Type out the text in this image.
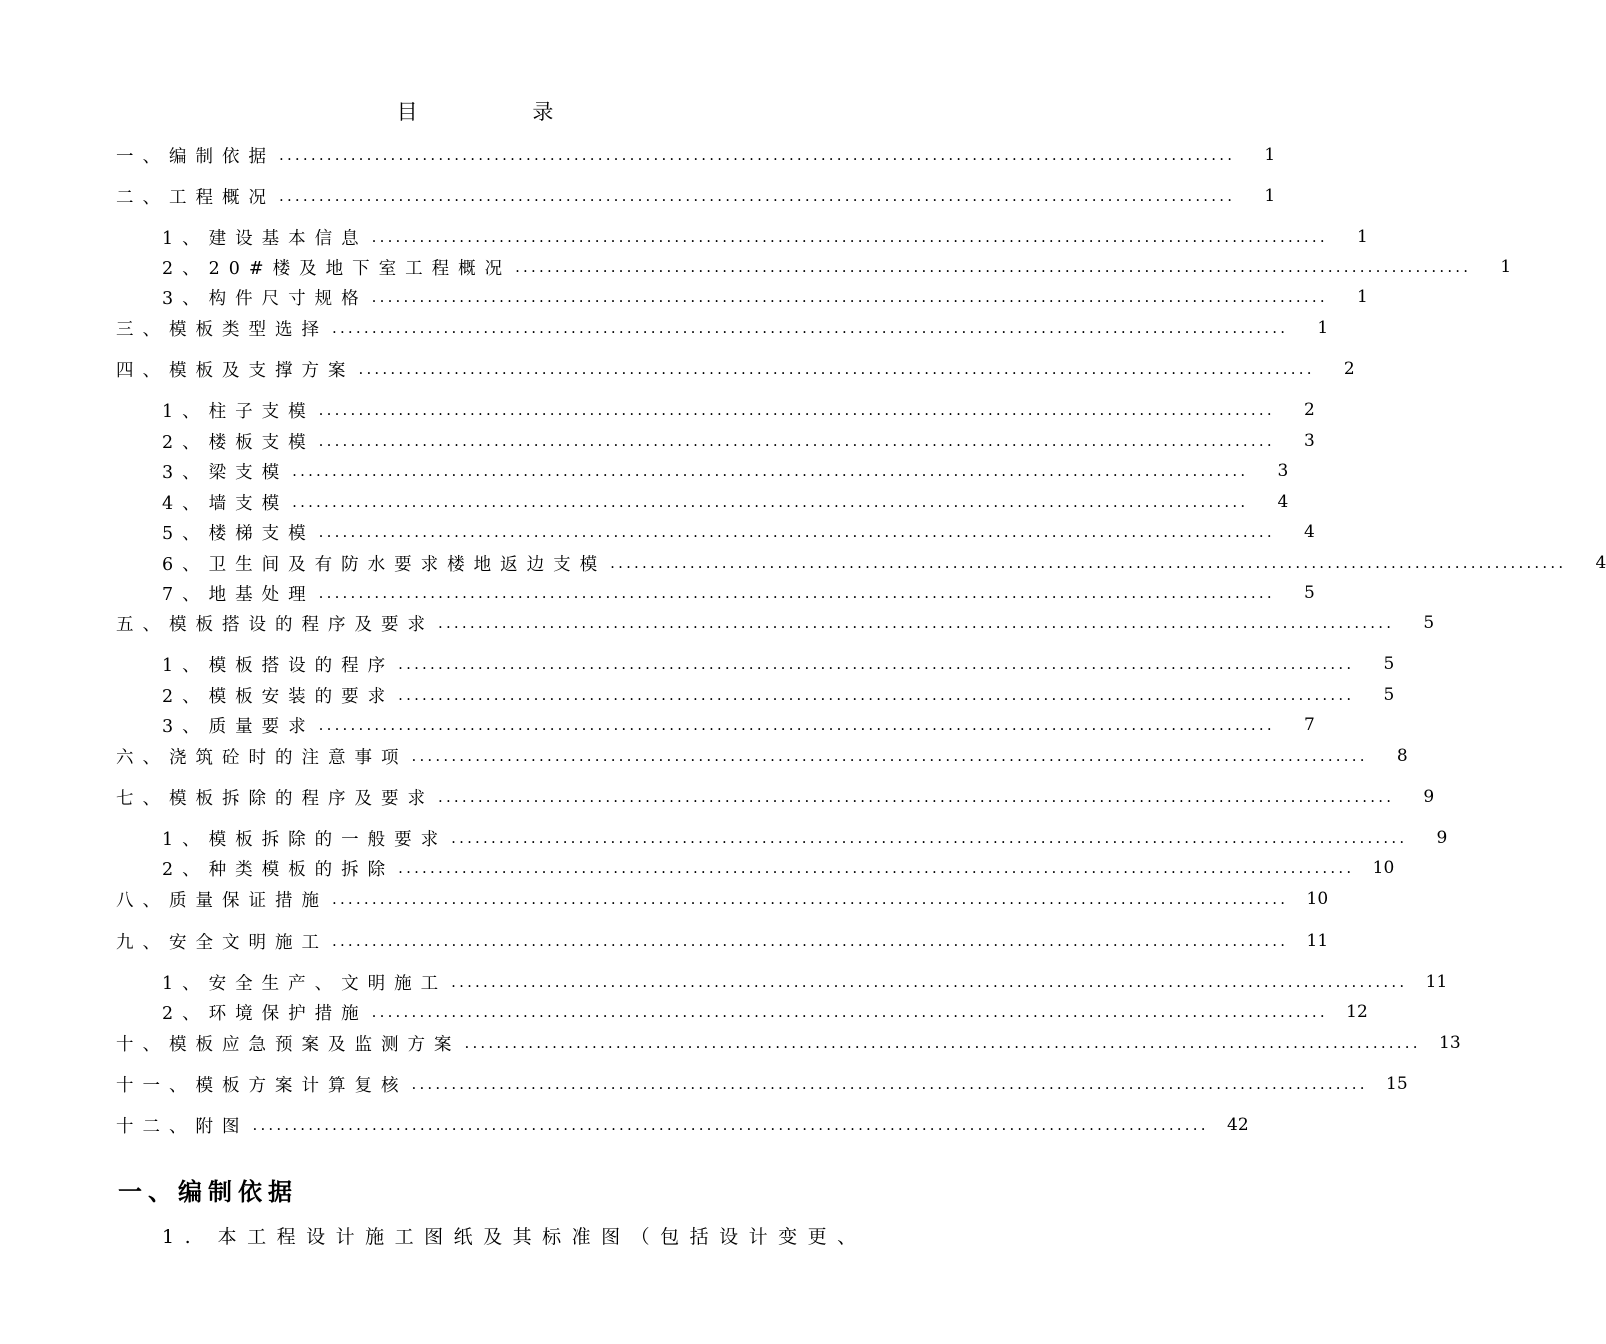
目 录
一、编制依据 ........................................................................................................................	1
二、工程概况 ........................................................................................................................	1
1、建设基本信息 ........................................................................................................................	1
2、20#楼及地下室工程概况 ........................................................................................................................	1
3、构件尺寸规格 ........................................................................................................................	1
三、模板类型选择 ........................................................................................................................	1
四、模板及支撑方案 ........................................................................................................................	2
1、柱子支模 ........................................................................................................................	2
2、楼板支模 ........................................................................................................................	3
3、梁支模 ........................................................................................................................	3
4、墙支模 ........................................................................................................................	4
5、楼梯支模 ........................................................................................................................	4
6、卫生间及有防水要求楼地返边支模 ........................................................................................................................	4
7、地基处理 ........................................................................................................................	5
五、模板搭设的程序及要求 ........................................................................................................................	5
1、模板搭设的程序 ........................................................................................................................	5
2、模板安装的要求 ........................................................................................................................	5
3、质量要求 ........................................................................................................................	7
六、浇筑砼时的注意事项 ........................................................................................................................	8
七、模板拆除的程序及要求 ........................................................................................................................	9
1、模板拆除的一般要求 ........................................................................................................................	9
2、种类模板的拆除 ........................................................................................................................	10
八、质量保证措施 ........................................................................................................................	10
九、安全文明施工 ........................................................................................................................	11
1、安全生产、文明施工 ........................................................................................................................	11
2、环境保护措施 ........................................................................................................................	12
十、模板应急预案及监测方案 ........................................................................................................................	13
十一、模板方案计算复核 ........................................................................................................................	15
十二、附图 ........................................................................................................................	42
一、编制依据
1. 本工程设计施工图纸及其标准图（包括设计变更、
